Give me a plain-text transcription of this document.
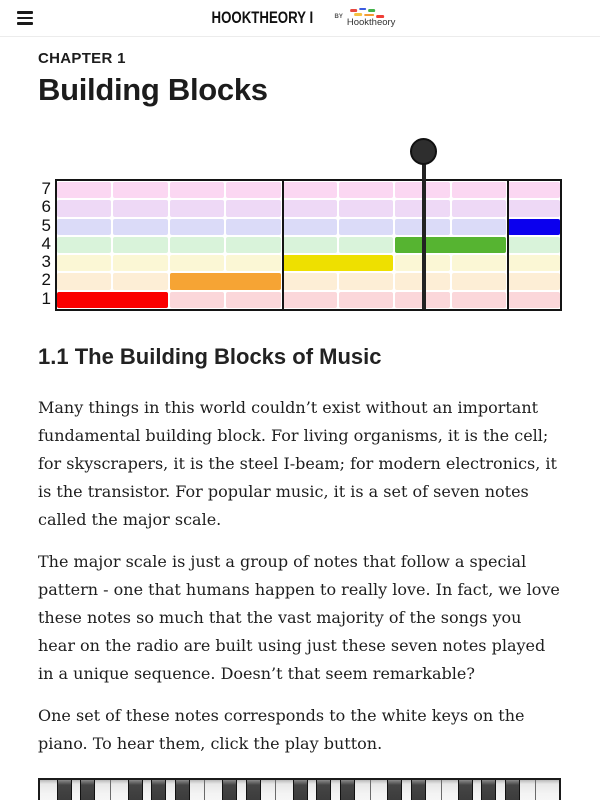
HOOKTHEORY I	BY Hooktheory
CHAPTER 1
Building Blocks
7
6
5
4
3
2
1
1.1 The Building Blocks of Music

Many things in this world couldn’t exist without an important fundamental building block. For living organisms, it is the cell; for skyscrapers, it is the steel I-beam; for modern electronics, it is the transistor. For popular music, it is a set of seven notes called the major scale.

The major scale is just a group of notes that follow a special pattern - one that humans happen to really love. In fact, we love these notes so much that the vast majority of the songs you hear on the radio are built using just these seven notes played in a unique sequence. Doesn’t that seem remarkable?

One set of these notes corresponds to the white keys on the piano. To hear them, click the play button.
